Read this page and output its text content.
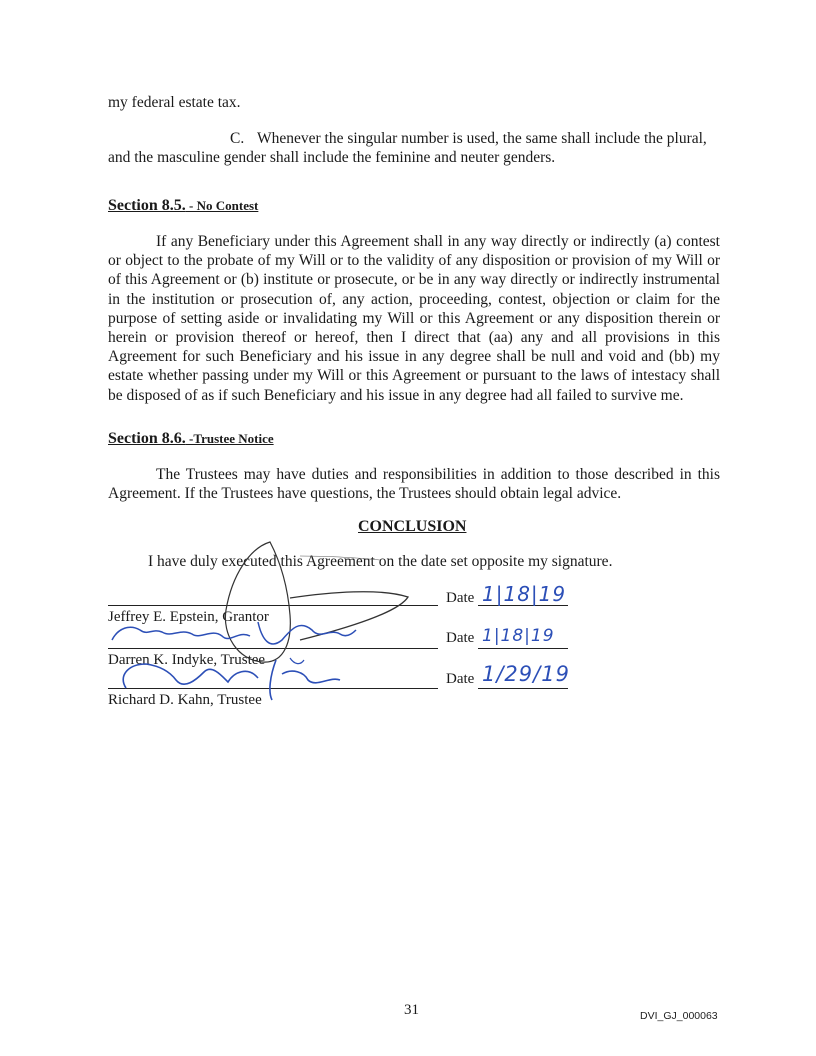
my federal estate tax.

C. Whenever the singular number is used, the same shall include the plural,
and the masculine gender shall include the feminine and neuter genders.
Section 8.5. - No Contest

If any Beneficiary under this Agreement shall in any way directly or indirectly (a) contest or object to the probate of my Will or to the validity of any disposition or provision of my Will or of this Agreement or (b) institute or prosecute, or be in any way directly or indirectly instrumental in the institution or prosecution of, any action, proceeding, contest, objection or claim for the purpose of setting aside or invalidating my Will or this Agreement or any disposition therein or herein or provision thereof or hereof, then I direct that (aa) any and all provisions in this Agreement for such Beneficiary and his issue in any degree shall be null and void and (bb) my estate whether passing under my Will or this Agreement or pursuant to the laws of intestacy shall be disposed of as if such Beneficiary and his issue in any degree had all failed to survive me.

Section 8.6. -Trustee Notice

The Trustees may have duties and responsibilities in addition to those described in this Agreement. If the Trustees have questions, the Trustees should obtain legal advice.

CONCLUSION
I have duly executed this Agreement on the date set opposite my signature.
Jeffrey E. Epstein, Grantor
Date 1|18|19
Darren K. Indyke, Trustee
Date 1|18|19
Richard D. Kahn, Trustee
Date 1/29/19
31	DVI_GJ_000063
